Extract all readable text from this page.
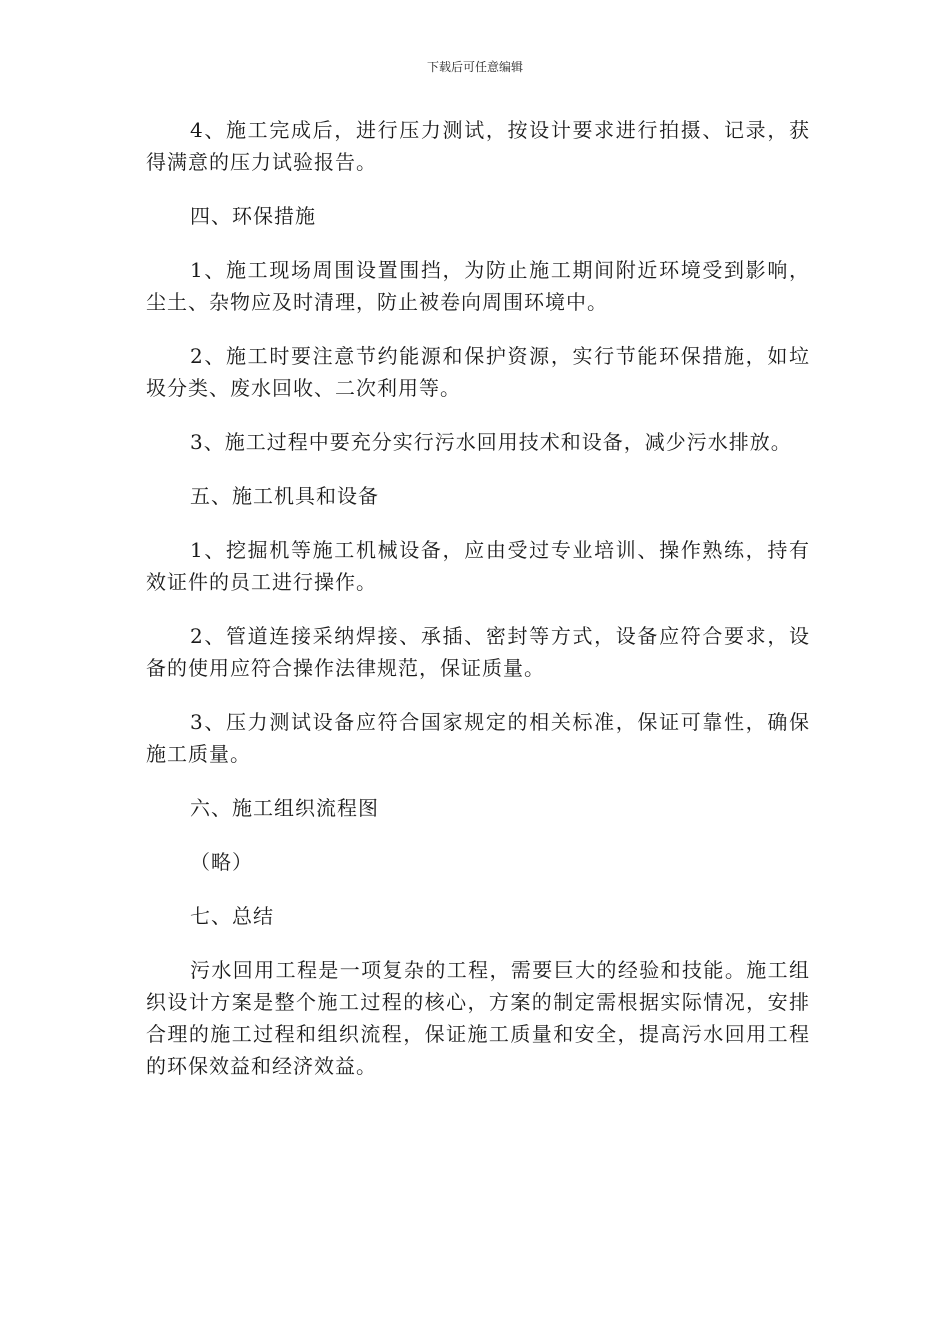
下载后可任意编辑

4、施工完成后，进行压力测试，按设计要求进行拍摄、记录，获得满意的压力试验报告。

四、环保措施

1、施工现场周围设置围挡，为防止施工期间附近环境受到影响，尘土、杂物应及时清理，防止被卷向周围环境中。

2、施工时要注意节约能源和保护资源，实行节能环保措施，如垃圾分类、废水回收、二次利用等。

3、施工过程中要充分实行污水回用技术和设备，减少污水排放。

五、施工机具和设备

1、挖掘机等施工机械设备，应由受过专业培训、操作熟练，持有效证件的员工进行操作。

2、管道连接采纳焊接、承插、密封等方式，设备应符合要求，设备的使用应符合操作法律规范，保证质量。

3、压力测试设备应符合国家规定的相关标准，保证可靠性，确保施工质量。

六、施工组织流程图

（略）

七、总结

污水回用工程是一项复杂的工程，需要巨大的经验和技能。施工组织设计方案是整个施工过程的核心，方案的制定需根据实际情况，安排合理的施工过程和组织流程，保证施工质量和安全，提高污水回用工程的环保效益和经济效益。
